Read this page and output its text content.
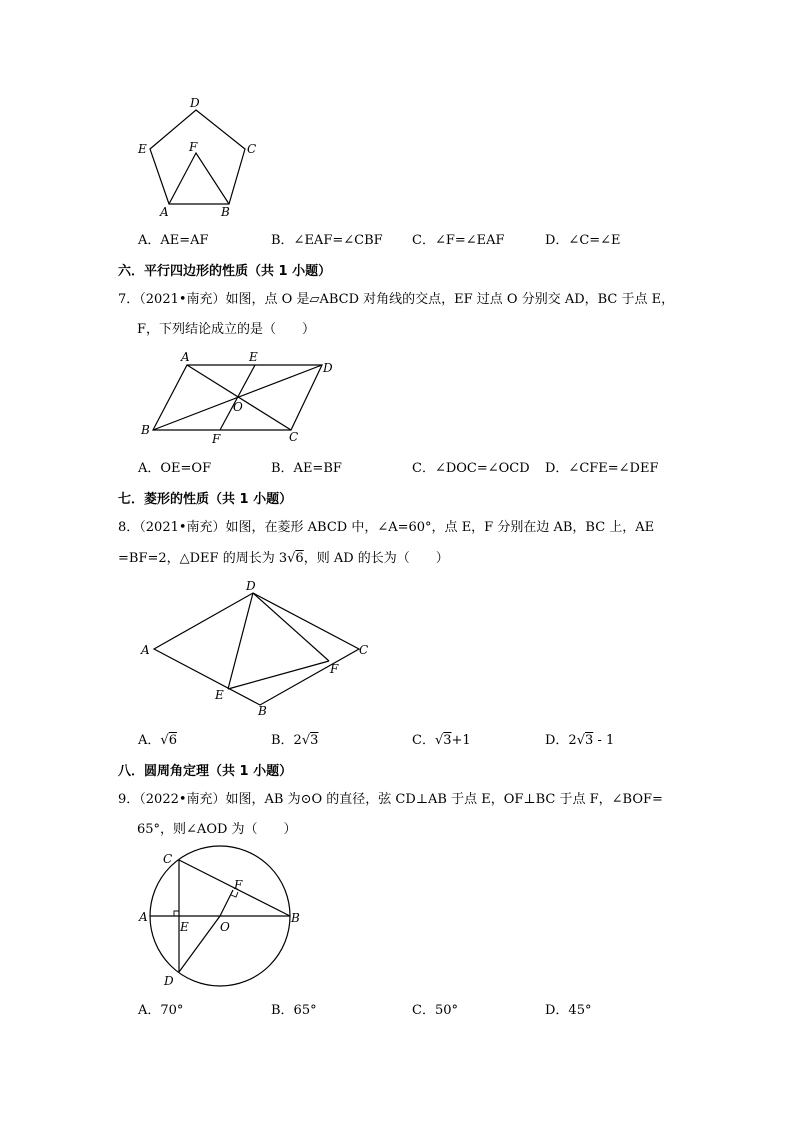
D
E	F	C
A	B
A．AE=AF	B．∠EAF=∠CBF C．∠F=∠EAF	D．∠C=∠E
六．平行四边形的性质（共 1 小题）
7．（2021•南充）如图，点 O 是▱ABCD 对角线的交点，EF 过点 O 分别交 AD，BC 于点 E，
F，下列结论成立的是（　　）
A	E
D
O
B
F	C
A．OE=OF	B．AE=BF	C．∠DOC=∠OCD D．∠CFE=∠DEF
七．菱形的性质（共 1 小题）
8．（2021•南充）如图，在菱形 ABCD 中，∠A=60°，点 E，F 分别在边 AB，BC 上，AE
=BF=2，△DEF 的周长为 3√6，则 AD 的长为（　　）
D
A	C
F
E
B
A．√6	B．2√3	C．√3+1	D．2√3 - 1
八．圆周角定理（共 1 小题）
9．（2022•南充）如图，AB 为⊙O 的直径，弦 CD⊥AB 于点 E，OF⊥BC 于点 F，∠BOF=
65°，则∠AOD 为（　　）
C
F
A	B
E	O
D
A．70°	B．65°	C．50°	D．45°
